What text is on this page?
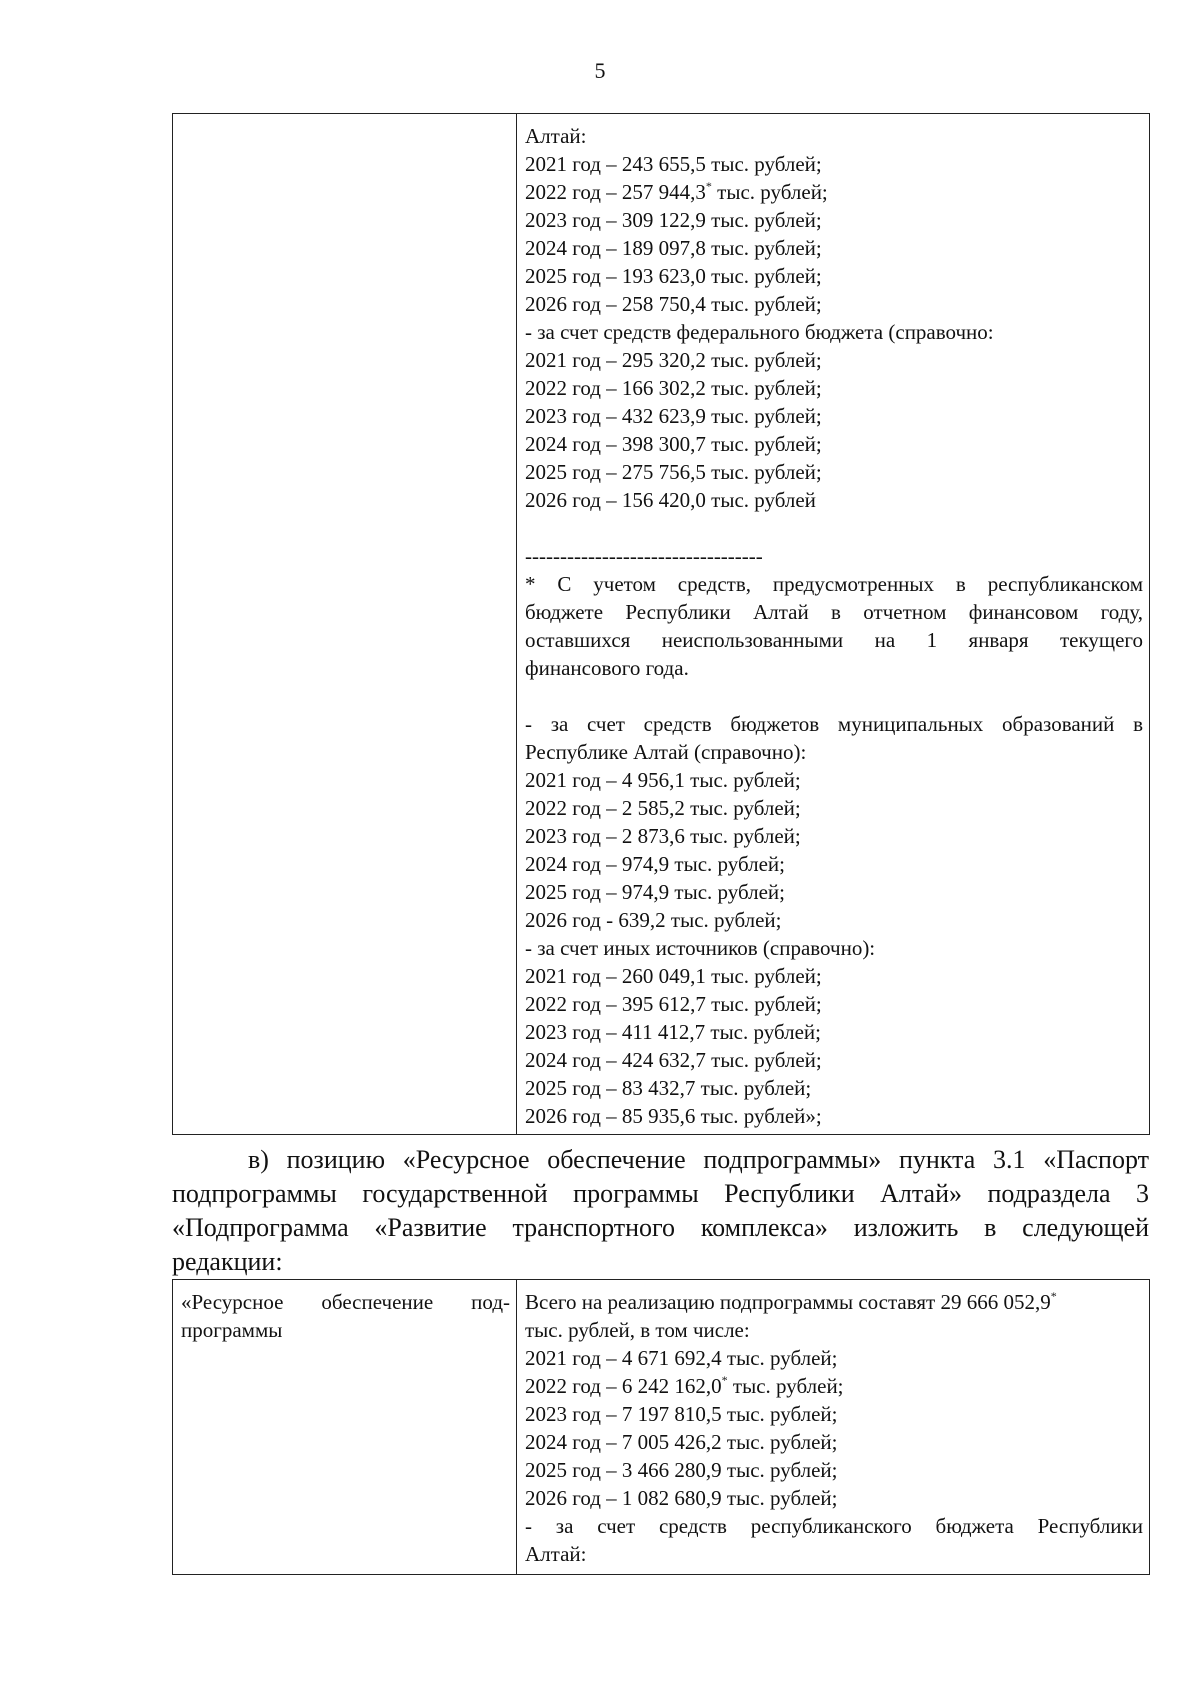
5

Алтай:
2021 год – 243 655,5 тыс. рублей;
2022 год – 257 944,3* тыс. рублей;
2023 год – 309 122,9 тыс. рублей;
2024 год – 189 097,8 тыс. рублей;
2025 год – 193 623,0 тыс. рублей;
2026 год – 258 750,4 тыс. рублей;
- за счет средств федерального бюджета (справочно:
2021 год – 295 320,2 тыс. рублей;
2022 год – 166 302,2 тыс. рублей;
2023 год – 432 623,9 тыс. рублей;
2024 год – 398 300,7 тыс. рублей;
2025 год – 275 756,5 тыс. рублей;
2026 год – 156 420,0 тыс. рублей
----------------------------------
* С учетом средств, предусмотренных в республиканском
бюджете Республики Алтай в отчетном финансовом году,
оставшихся неиспользованными на 1 января текущего
финансового года.
- за счет средств бюджетов муниципальных образований в
Республике Алтай (справочно):
2021 год – 4 956,1 тыс. рублей;
2022 год – 2 585,2 тыс. рублей;
2023 год – 2 873,6 тыс. рублей;
2024 год – 974,9 тыс. рублей;
2025 год – 974,9 тыс. рублей;
2026 год - 639,2 тыс. рублей;
- за счет иных источников (справочно):
2021 год – 260 049,1 тыс. рублей;
2022 год – 395 612,7 тыс. рублей;
2023 год – 411 412,7 тыс. рублей;
2024 год – 424 632,7 тыс. рублей;
2025 год – 83 432,7 тыс. рублей;
2026 год – 85 935,6 тыс. рублей»;
в) позицию «Ресурсное обеспечение подпрограммы» пункта 3.1 «Паспорт
подпрограммы государственной программы Республики Алтай» подраздела 3
«Подпрограмма «Развитие транспортного комплекса» изложить в следующей
редакции:
«Ресурсное обеспечение под-
программы

Всего на реализацию подпрограммы составят 29 666 052,9*
тыс. рублей, в том числе:
2021 год – 4 671 692,4 тыс. рублей;
2022 год – 6 242 162,0* тыс. рублей;
2023 год – 7 197 810,5 тыс. рублей;
2024 год – 7 005 426,2 тыс. рублей;
2025 год – 3 466 280,9 тыс. рублей;
2026 год – 1 082 680,9 тыс. рублей;
- за счет средств республиканского бюджета Республики
Алтай:
